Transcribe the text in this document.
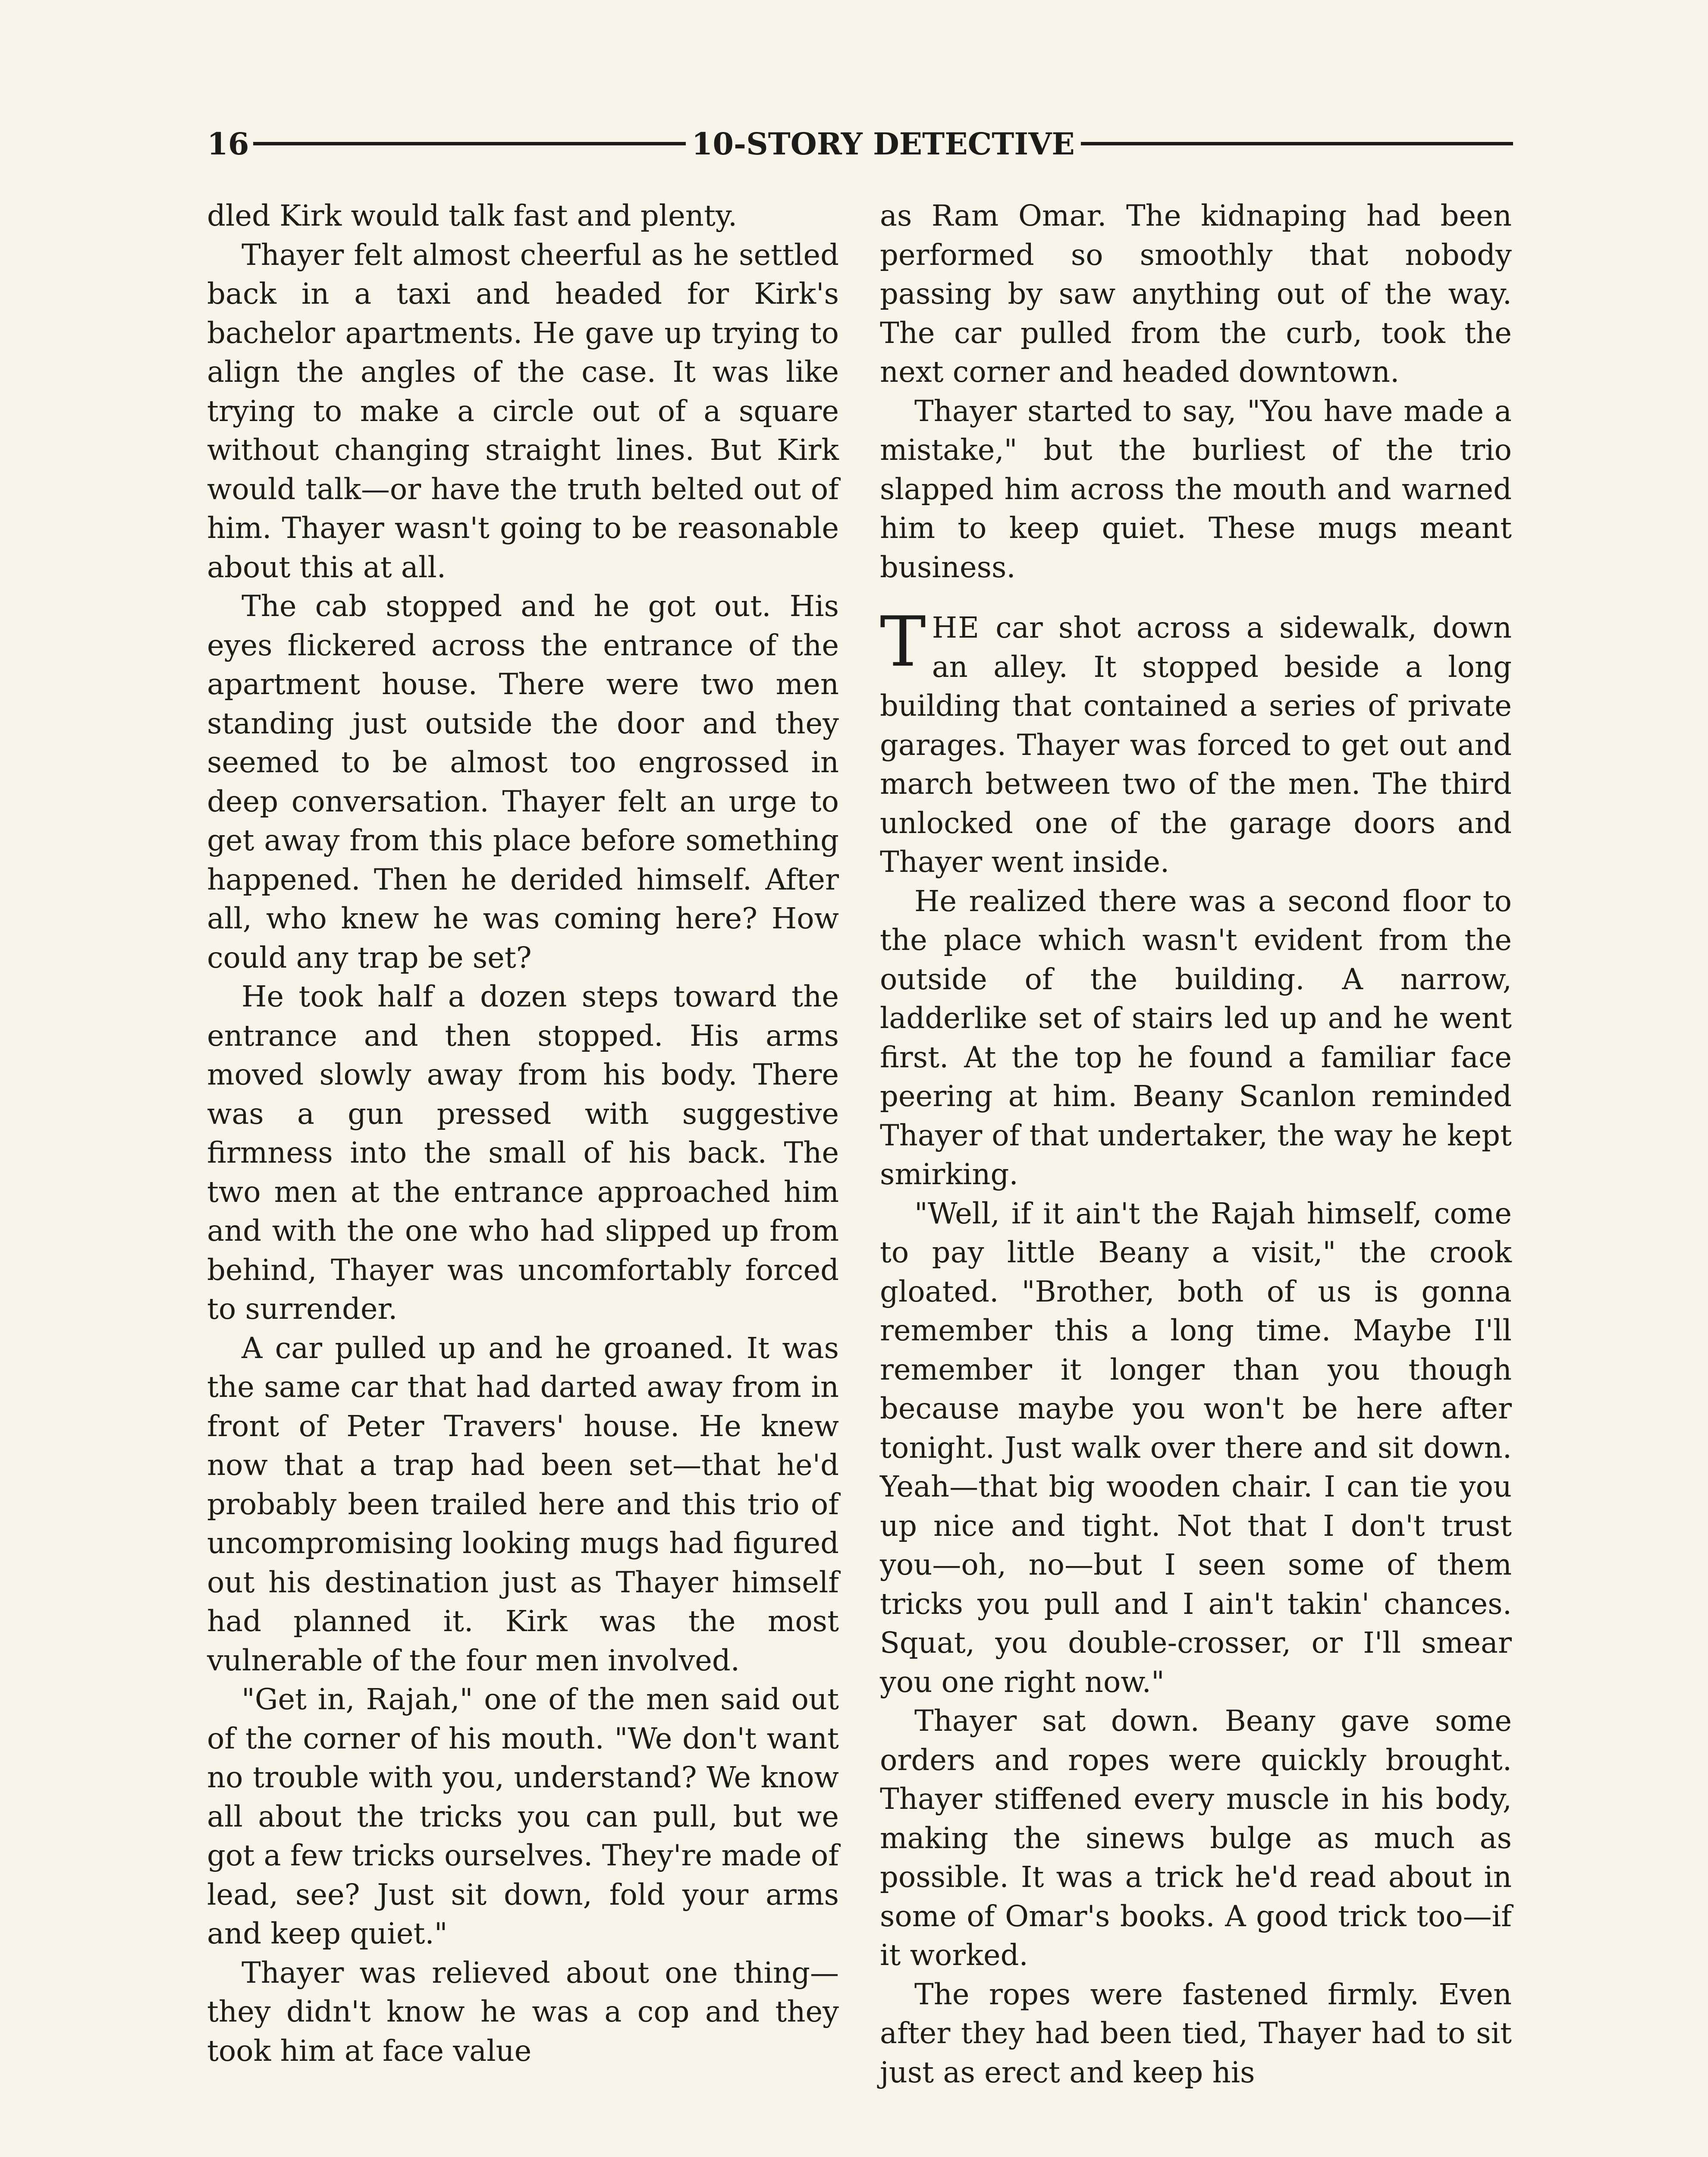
16	10-STORY DETECTIVE

dled Kirk would talk fast and plenty.

Thayer felt almost cheerful as he settled back in a taxi and headed for Kirk's bachelor apartments. He gave up trying to align the angles of the case. It was like trying to make a circle out of a square without changing straight lines. But Kirk would talk—or have the truth belted out of him. Thayer wasn't going to be reasonable about this at all.

The cab stopped and he got out. His eyes flickered across the entrance of the apartment house. There were two men standing just outside the door and they seemed to be almost too engrossed in deep conversation. Thayer felt an urge to get away from this place before something happened. Then he derided himself. After all, who knew he was coming here? How could any trap be set?

He took half a dozen steps toward the entrance and then stopped. His arms moved slowly away from his body. There was a gun pressed with suggestive firmness into the small of his back. The two men at the entrance approached him and with the one who had slipped up from behind, Thayer was uncomfortably forced to surrender.

A car pulled up and he groaned. It was the same car that had darted away from in front of Peter Travers' house. He knew now that a trap had been set—that he'd probably been trailed here and this trio of uncompromising looking mugs had figured out his destination just as Thayer himself had planned it. Kirk was the most vulnerable of the four men involved.

"Get in, Rajah," one of the men said out of the corner of his mouth. "We don't want no trouble with you, understand? We know all about the tricks you can pull, but we got a few tricks ourselves. They're made of lead, see? Just sit down, fold your arms and keep quiet."

Thayer was relieved about one thing—they didn't know he was a cop and they took him at face value

as Ram Omar. The kidnaping had been performed so smoothly that nobody passing by saw anything out of the way. The car pulled from the curb, took the next corner and headed downtown.

Thayer started to say, "You have made a mistake," but the burliest of the trio slapped him across the mouth and warned him to keep quiet. These mugs meant business.

THE car shot across a sidewalk, down an alley. It stopped beside a long building that contained a series of private garages. Thayer was forced to get out and march between two of the men. The third unlocked one of the garage doors and Thayer went inside.

He realized there was a second floor to the place which wasn't evident from the outside of the building. A narrow, ladderlike set of stairs led up and he went first. At the top he found a familiar face peering at him. Beany Scanlon reminded Thayer of that undertaker, the way he kept smirking.

"Well, if it ain't the Rajah himself, come to pay little Beany a visit," the crook gloated. "Brother, both of us is gonna remember this a long time. Maybe I'll remember it longer than you though because maybe you won't be here after tonight. Just walk over there and sit down. Yeah—that big wooden chair. I can tie you up nice and tight. Not that I don't trust you—oh, no—but I seen some of them tricks you pull and I ain't takin' chances. Squat, you double-crosser, or I'll smear you one right now."

Thayer sat down. Beany gave some orders and ropes were quickly brought. Thayer stiffened every muscle in his body, making the sinews bulge as much as possible. It was a trick he'd read about in some of Omar's books. A good trick too—if it worked.

The ropes were fastened firmly. Even after they had been tied, Thayer had to sit just as erect and keep his
